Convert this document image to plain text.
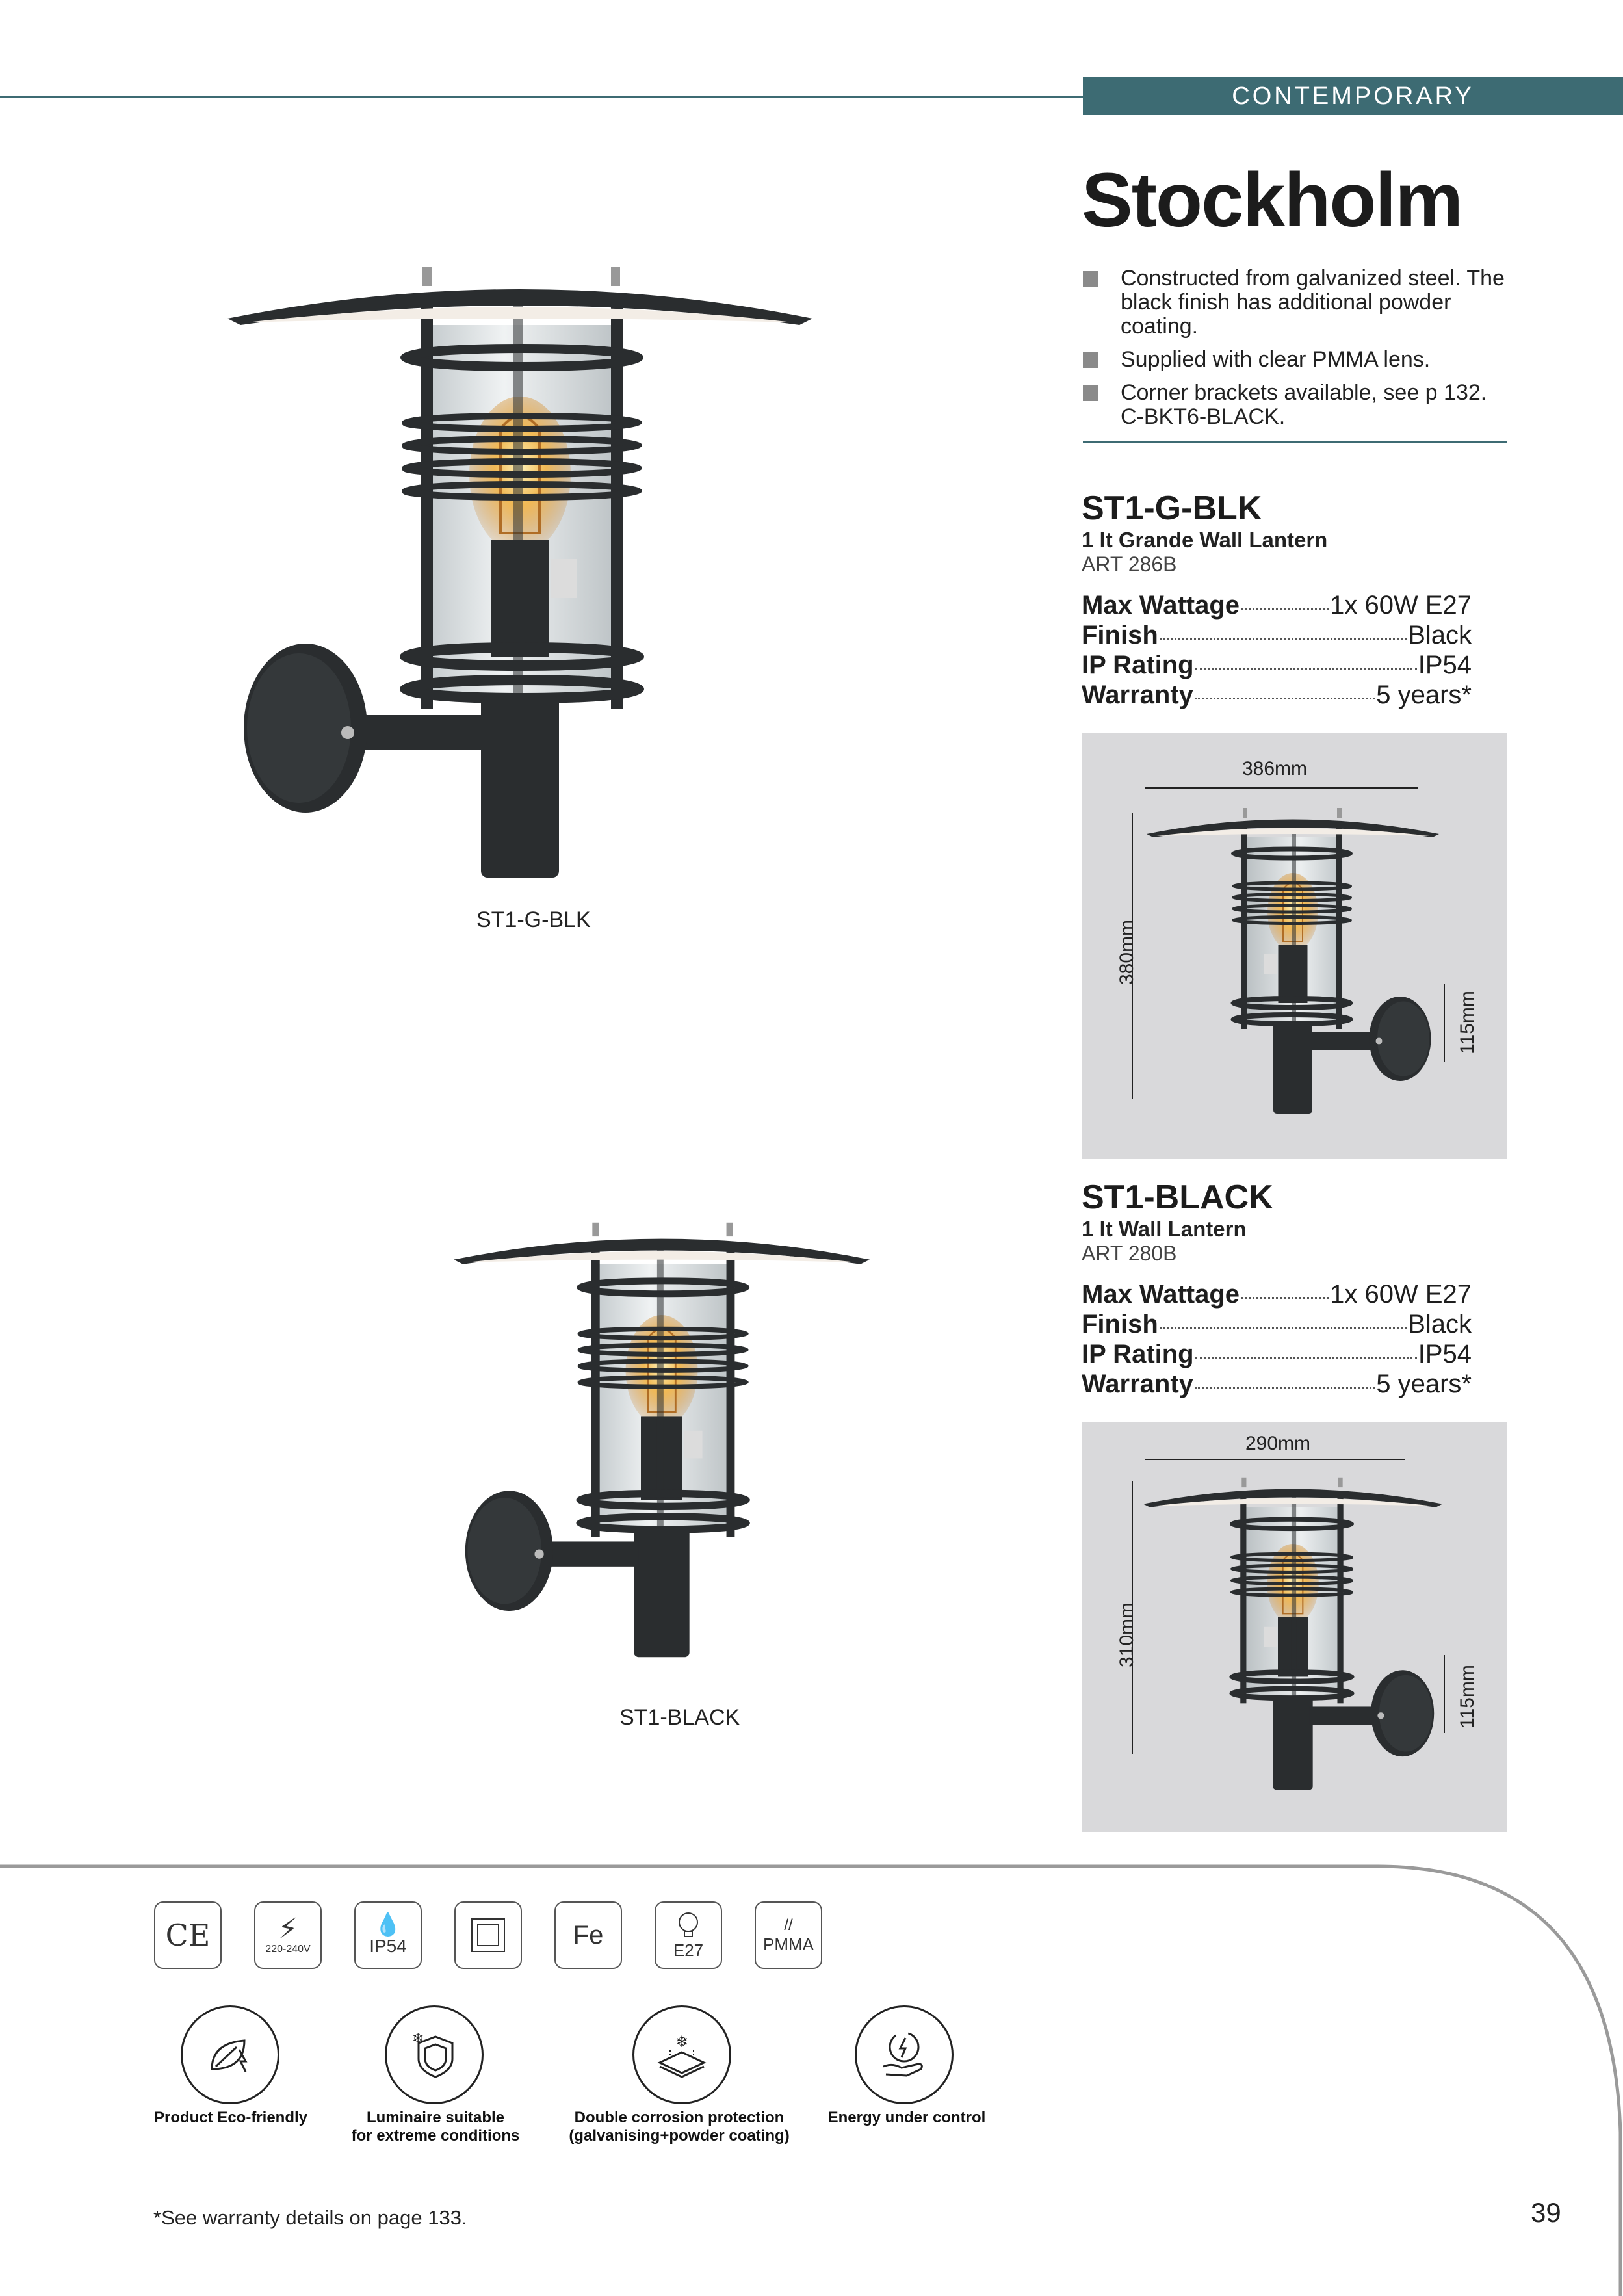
CONTEMPORARY
Stockholm
Constructed from galvanized steel. The black finish has additional powder coating.
Supplied with clear PMMA lens.
Corner brackets available, see p 132. C-BKT6-BLACK.
ST1-G-BLK
ST1-BLACK
ST1-G-BLK
1 lt Grande Wall Lantern
ART 286B
Max Wattage	1x 60W E27
Finish	Black
IP Rating	IP54
Warranty	5 years*
386mm
380mm
115mm
ST1-BLACK
1 lt Wall Lantern
ART 280B
Max Wattage	1x 60W E27
Finish	Black
IP Rating	IP54
Warranty	5 years*
290mm
310mm
115mm
CE ⚡
220-240V
💧
IP54	Fe
E27
//
PMMA
Product Eco-friendly
❄
Luminaire suitable
for extreme conditions
❄
Double corrosion protection
(galvanising+powder coating)
Energy under control
*See warranty details on page 133.	39
